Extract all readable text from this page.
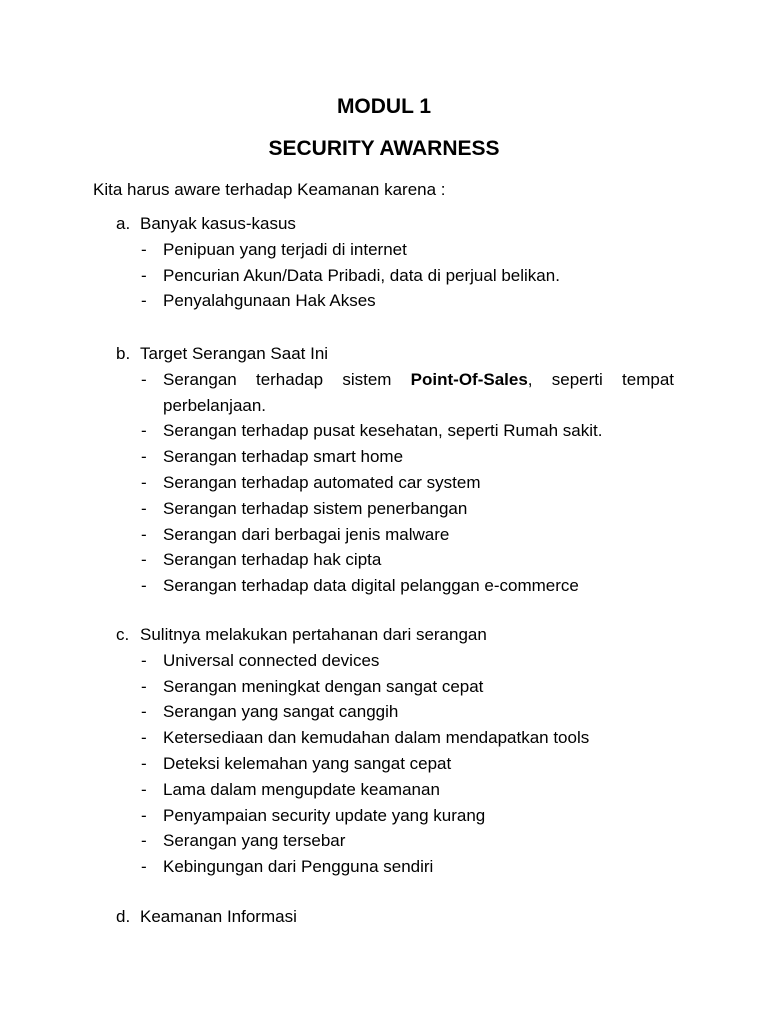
MODUL 1
SECURITY AWARNESS

Kita harus aware terhadap Keamanan karena :

a. Banyak kasus-kasus
- Penipuan yang terjadi di internet
- Pencurian Akun/Data Pribadi, data di perjual belikan.
- Penyalahgunaan Hak Akses
b. Target Serangan Saat Ini
- Serangan terhadap sistem Point-Of-Sales, seperti tempat
perbelanjaan.
- Serangan terhadap pusat kesehatan, seperti Rumah sakit.
- Serangan terhadap smart home
- Serangan terhadap automated car system
- Serangan terhadap sistem penerbangan
- Serangan dari berbagai jenis malware
- Serangan terhadap hak cipta
- Serangan terhadap data digital pelanggan e-commerce
c. Sulitnya melakukan pertahanan dari serangan
- Universal connected devices
- Serangan meningkat dengan sangat cepat
- Serangan yang sangat canggih
- Ketersediaan dan kemudahan dalam mendapatkan tools
- Deteksi kelemahan yang sangat cepat
- Lama dalam mengupdate keamanan
- Penyampaian security update yang kurang
- Serangan yang tersebar
- Kebingungan dari Pengguna sendiri
d. Keamanan Informasi
